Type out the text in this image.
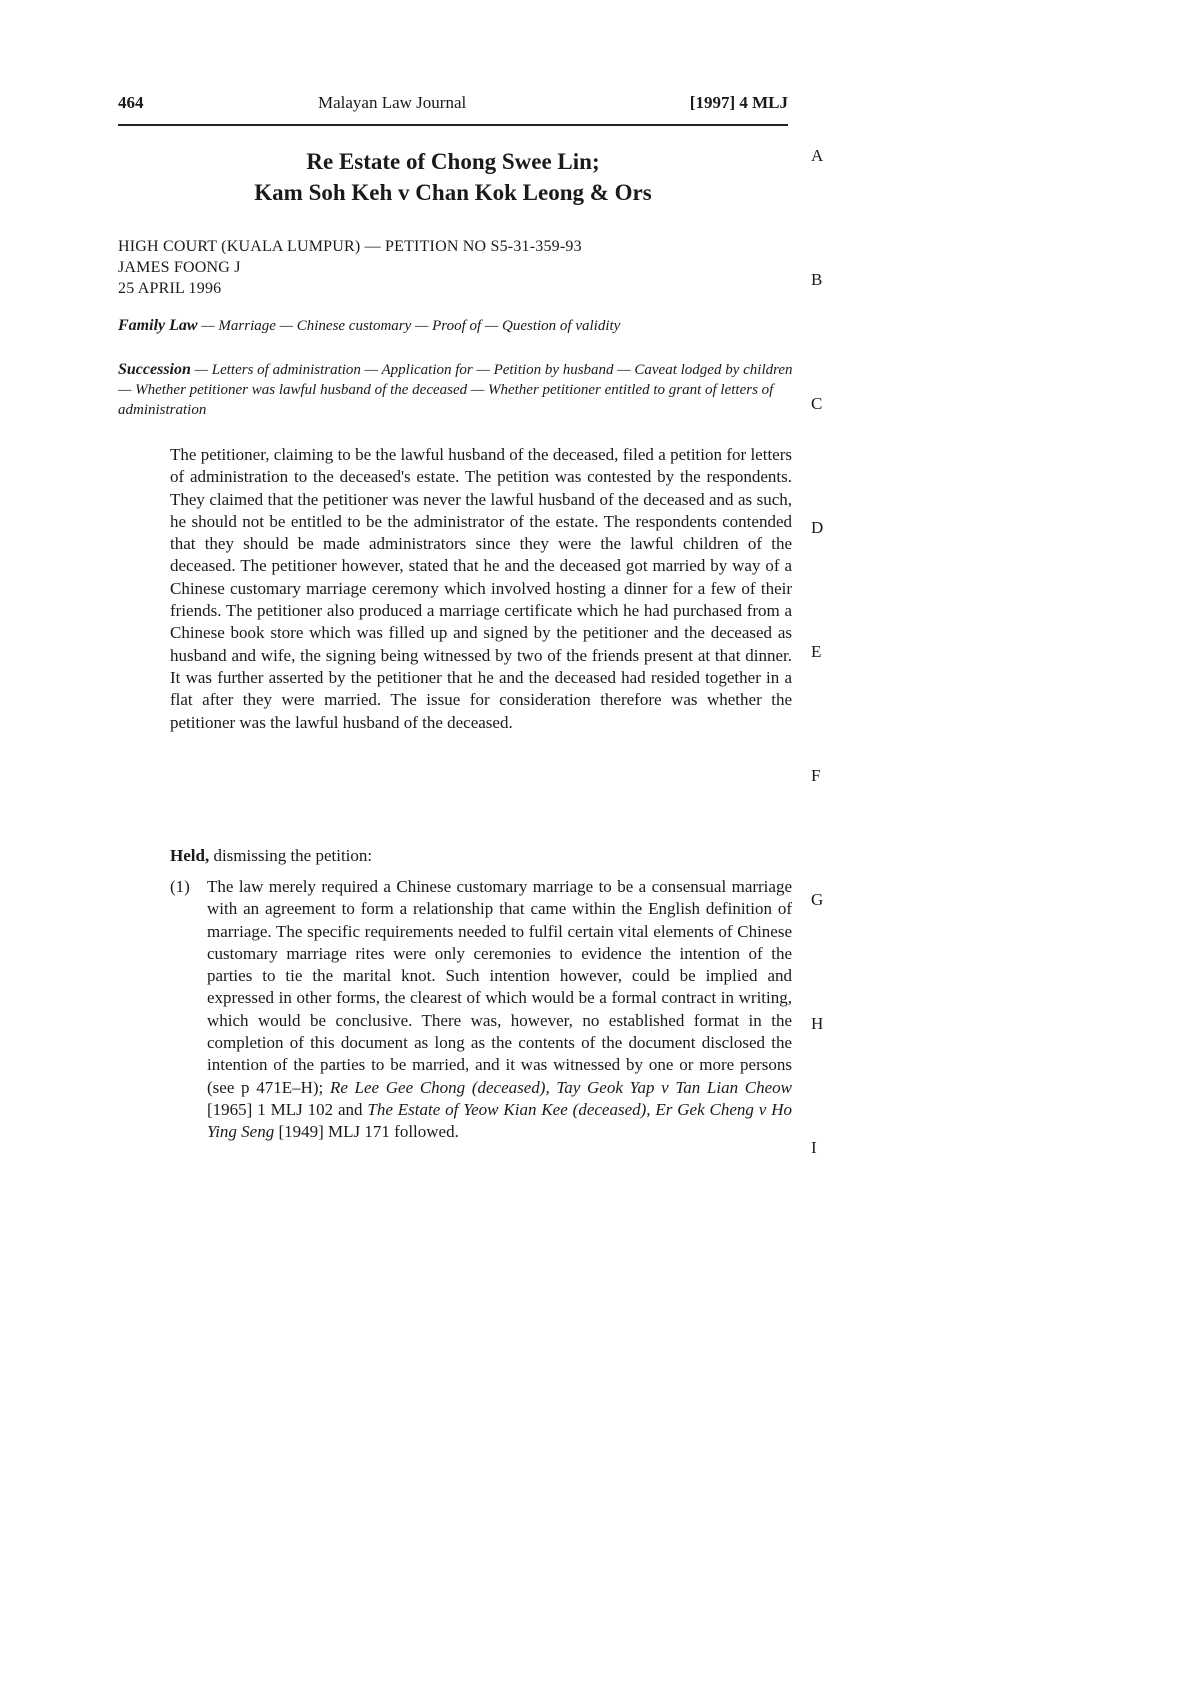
464	Malayan Law Journal	[1997] 4 MLJ
Re Estate of Chong Swee Lin;
Kam Soh Keh v Chan Kok Leong & Ors
HIGH COURT (KUALA LUMPUR) — PETITION NO S5-31-359-93
JAMES FOONG J
25 APRIL 1996
Family Law — Marriage — Chinese customary — Proof of — Question of validity
Succession — Letters of administration — Application for — Petition by husband — Caveat lodged by children — Whether petitioner was lawful husband of the deceased — Whether petitioner entitled to grant of letters of administration
The petitioner, claiming to be the lawful husband of the deceased, filed a petition for letters of administration to the deceased's estate. The petition was contested by the respondents. They claimed that the petitioner was never the lawful husband of the deceased and as such, he should not be entitled to be the administrator of the estate. The respondents contended that they should be made administrators since they were the lawful children of the deceased. The petitioner however, stated that he and the deceased got married by way of a Chinese customary marriage ceremony which involved hosting a dinner for a few of their friends. The petitioner also produced a marriage certificate which he had purchased from a Chinese book store which was filled up and signed by the petitioner and the deceased as husband and wife, the signing being witnessed by two of the friends present at that dinner. It was further asserted by the petitioner that he and the deceased had resided together in a flat after they were married. The issue for consideration therefore was whether the petitioner was the lawful husband of the deceased.
Held, dismissing the petition:
(1) The law merely required a Chinese customary marriage to be a consensual marriage with an agreement to form a relationship that came within the English definition of marriage. The specific requirements needed to fulfil certain vital elements of Chinese customary marriage rites were only ceremonies to evidence the intention of the parties to tie the marital knot. Such intention however, could be implied and expressed in other forms, the clearest of which would be a formal contract in writing, which would be conclusive. There was, however, no established format in the completion of this document as long as the contents of the document disclosed the intention of the parties to be married, and it was witnessed by one or more persons (see p 471E–H); Re Lee Gee Chong (deceased), Tay Geok Yap v Tan Lian Cheow [1965] 1 MLJ 102 and The Estate of Yeow Kian Kee (deceased), Er Gek Cheng v Ho Ying Seng [1949] MLJ 171 followed.
A
B
C
D
E
F
G
H
I
